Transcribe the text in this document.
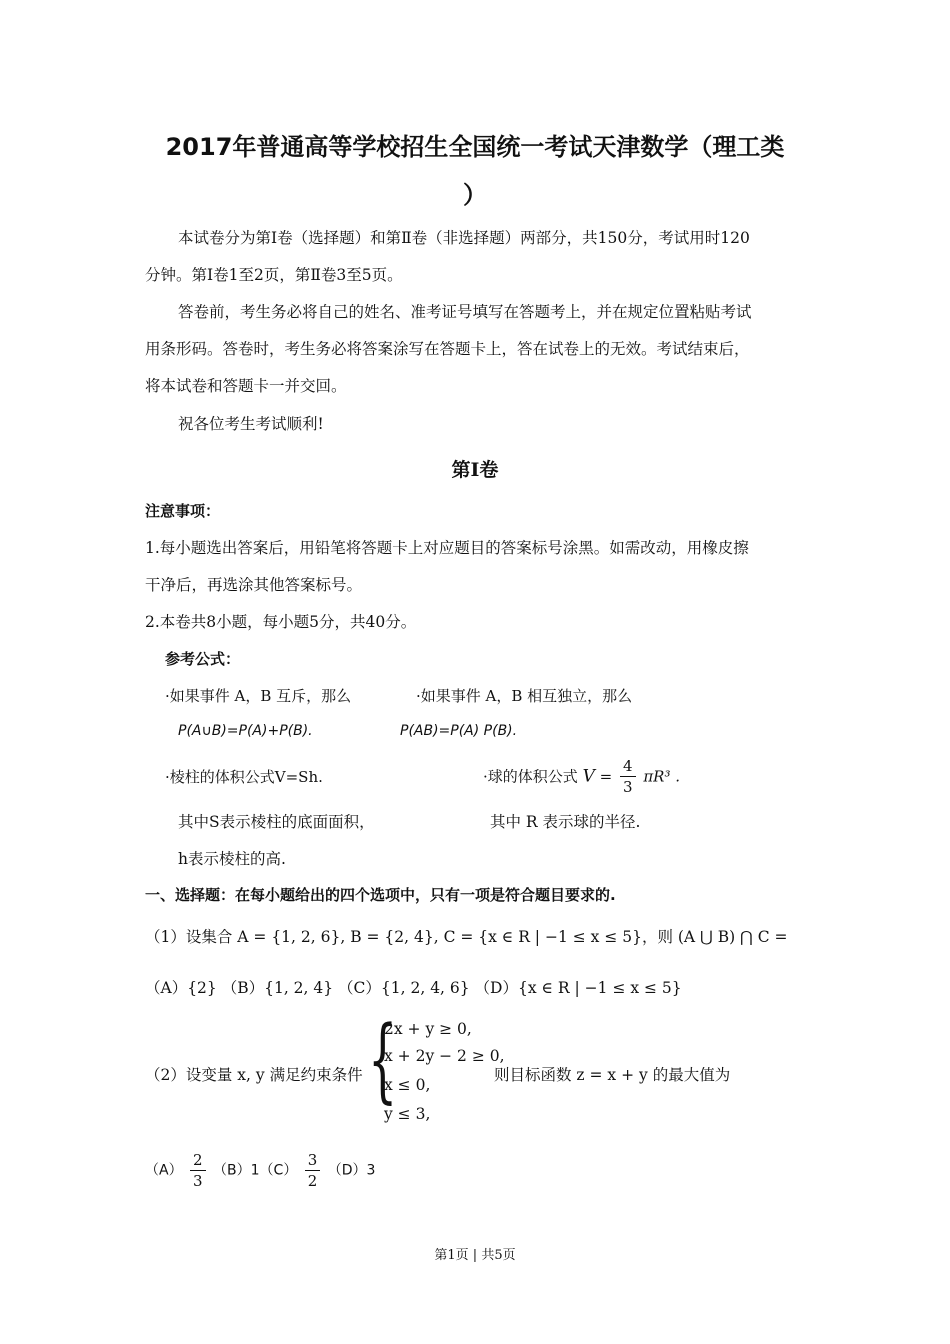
2017年普通高等学校招生全国统一考试天津数学（理工类
）
本试卷分为第Ⅰ卷（选择题）和第Ⅱ卷（非选择题）两部分，共150分，考试用时120
分钟。第Ⅰ卷1至2页，第Ⅱ卷3至5页。
答卷前，考生务必将自己的姓名、准考证号填写在答题考上，并在规定位置粘贴考试
用条形码。答卷时，考生务必将答案涂写在答题卡上，答在试卷上的无效。考试结束后，
将本试卷和答题卡一并交回。
祝各位考生考试顺利!
第Ⅰ卷
注意事项：
1.每小题选出答案后，用铅笔将答题卡上对应题目的答案标号涂黑。如需改动，用橡皮擦
干净后，再选涂其他答案标号。
2.本卷共8小题，每小题5分，共40分。
参考公式：
·如果事件 A，B 互斥，那么
P(A∪B)=P(A)+P(B).
·如果事件 A，B 相互独立，那么
P(AB)=P(A) P(B).
·棱柱的体积公式V=Sh.	·球的体积公式 $V = \frac{4}{3} \pi R^3$ .
其中S表示棱柱的底面面积，	其中 R 表示球的半径.
h表示棱柱的高.
一、选择题：在每小题给出的四个选项中，只有一项是符合题目要求的.
（1）设集合 A = {1, 2, 6}, B = {2, 4}, C = {x ∈ R | −1 ≤ x ≤ 5}，则 (A ⋃ B) ⋂ C =
（A）{2} （B）{1, 2, 4} （C）{1, 2, 4, 6} （D）{x ∈ R | −1 ≤ x ≤ 5}
（2）设变量 x, y 满足约束条件 {
2x + y ≥ 0,
x + 2y − 2 ≥ 0,
x ≤ 0,
y ≤ 3,
则目标函数 z = x + y 的最大值为
$(A) \frac{2}{3} (B)1(C) \frac{3}{2} (D)3$
第1页 | 共5页
